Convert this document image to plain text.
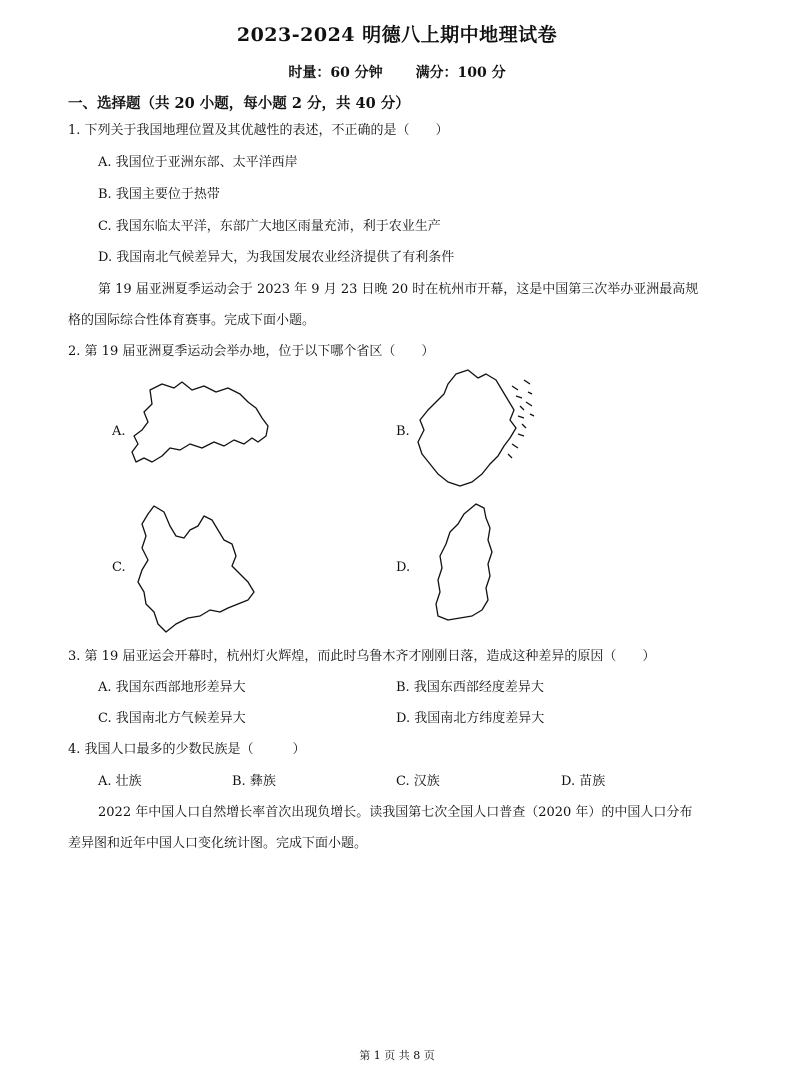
2023-2024 明德八上期中地理试卷
时量：60 分钟 满分：100 分
一、选择题（共 20 小题，每小题 2 分，共 40 分）
1. 下列关于我国地理位置及其优越性的表述，不正确的是（　　）
A. 我国位于亚洲东部、太平洋西岸
B. 我国主要位于热带
C. 我国东临太平洋，东部广大地区雨量充沛，利于农业生产
D. 我国南北气候差异大，为我国发展农业经济提供了有利条件
第 19 届亚洲夏季运动会于 2023 年 9 月 23 日晚 20 时在杭州市开幕，这是中国第三次举办亚洲最高规
格的国际综合性体育赛事。完成下面小题。
2. 第 19 届亚洲夏季运动会举办地，位于以下哪个省区（　　）
A.	B.
C.	D.
3. 第 19 届亚运会开幕时，杭州灯火辉煌，而此时乌鲁木齐才刚刚日落，造成这种差异的原因（　　）
A. 我国东西部地形差异大	B. 我国东西部经度差异大
C. 我国南北方气候差异大	D. 我国南北方纬度差异大
4. 我国人口最多的少数民族是（　　　）
A. 壮族	B. 彝族	C. 汉族	D. 苗族
2022 年中国人口自然增长率首次出现负增长。读我国第七次全国人口普查（2020 年）的中国人口分布
差异图和近年中国人口变化统计图。完成下面小题。
第 1 页 共 8 页
